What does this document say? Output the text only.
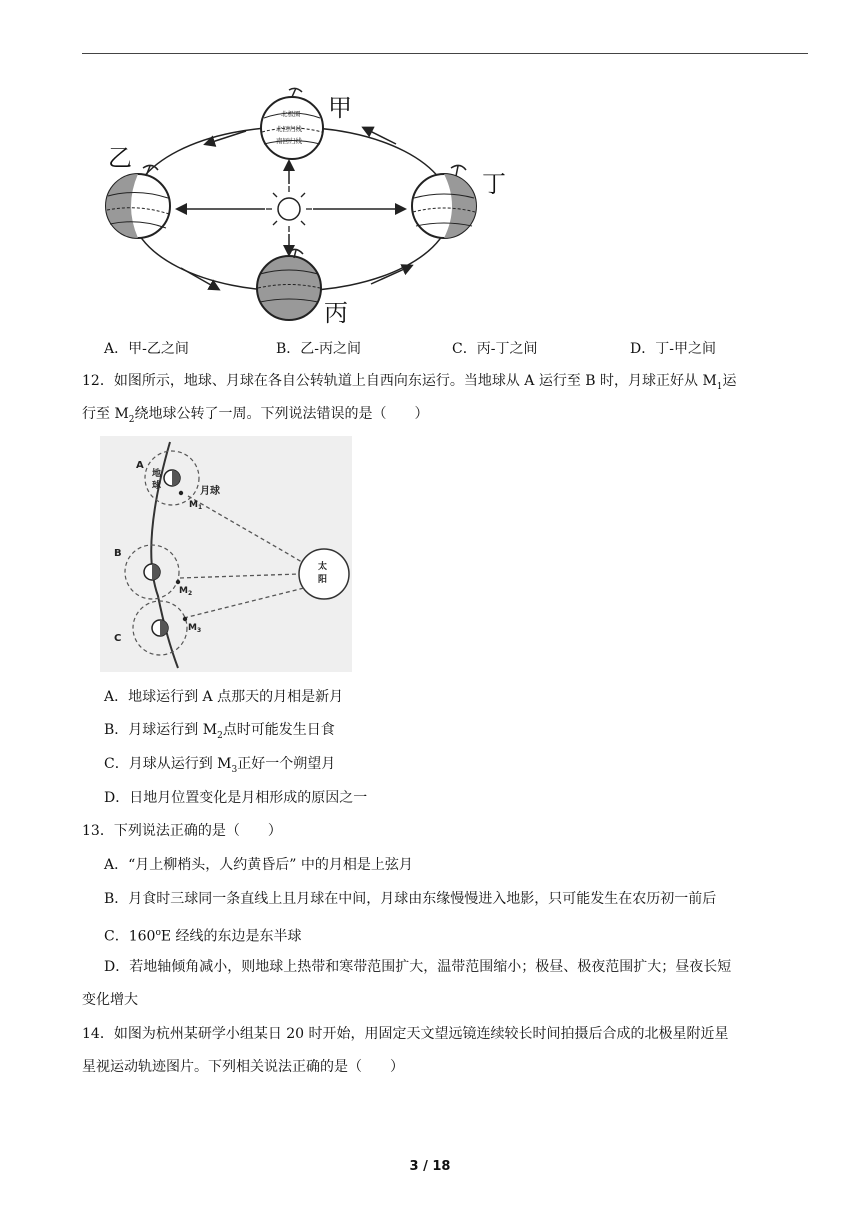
北极圈
北回归线
南回归线
甲
乙
丙
丁
A．甲-乙之间	B．乙-丙之间	C．丙-丁之间	D．丁-甲之间
12．如图所示，地球、月球在各自公转轨道上自西向东运行。当地球从 A 运行至 B 时，月球正好从 $M_1$运
行至 $M_2$绕地球公转了一周。下列说法错误的是（　　）
太
阳
A
地
球	月球
$M_1$
B
$M_2$
C
$M_3$
A．地球运行到 A 点那天的月相是新月
B．月球运行到 $M_2$点时可能发生日食
C．月球从运行到 $M_3$正好一个朔望月
D．日地月位置变化是月相形成的原因之一
13．下列说法正确的是（　　）
A．“月上柳梢头，人约黄昏后” 中的月相是上弦月
B．月食时三球同一条直线上且月球在中间，月球由东缘慢慢进入地影，只可能发生在农历初一前后
C．160$^o$E 经线的东边是东半球
D．若地轴倾角减小，则地球上热带和寒带范围扩大，温带范围缩小；极昼、极夜范围扩大；昼夜长短
变化增大
14．如图为杭州某研学小组某日 20 时开始，用固定天文望远镜连续较长时间拍摄后合成的北极星附近星
星视运动轨迹图片。下列相关说法正确的是（　　）
3 / 18
